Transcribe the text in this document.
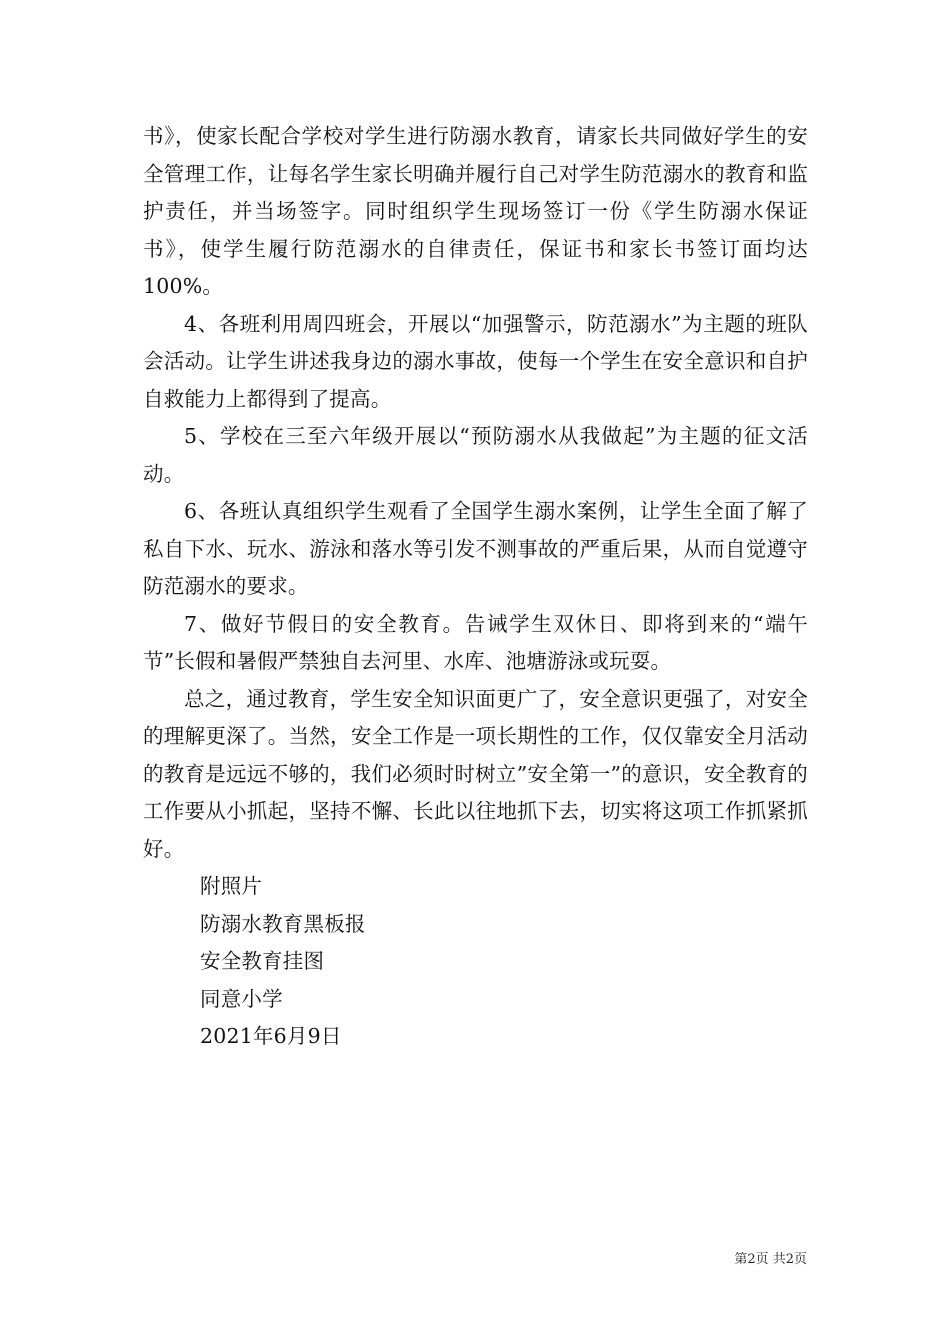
书》，使家长配合学校对学生进行防溺水教育，请家长共同做好学生的安全管理工作，让每名学生家长明确并履行自己对学生防范溺水的教育和监护责任，并当场签字。同时组织学生现场签订一份《学生防溺水保证书》，使学生履行防范溺水的自律责任，保证书和家长书签订面均达100%。

4、各班利用周四班会，开展以“加强警示，防范溺水”为主题的班队会活动。让学生讲述我身边的溺水事故，使每一个学生在安全意识和自护自救能力上都得到了提高。

5、学校在三至六年级开展以“预防溺水从我做起”为主题的征文活动。

6、各班认真组织学生观看了全国学生溺水案例，让学生全面了解了私自下水、玩水、游泳和落水等引发不测事故的严重后果，从而自觉遵守防范溺水的要求。

7、做好节假日的安全教育。告诫学生双休日、即将到来的“端午节”长假和暑假严禁独自去河里、水库、池塘游泳或玩耍。

总之，通过教育，学生安全知识面更广了，安全意识更强了，对安全的理解更深了。当然，安全工作是一项长期性的工作，仅仅靠安全月活动的教育是远远不够的，我们必须时时树立”安全第一”的意识，安全教育的工作要从小抓起，坚持不懈、长此以往地抓下去，切实将这项工作抓紧抓好。

附照片

防溺水教育黑板报

安全教育挂图

同意小学

2021年6月9日

第2页 共2页
